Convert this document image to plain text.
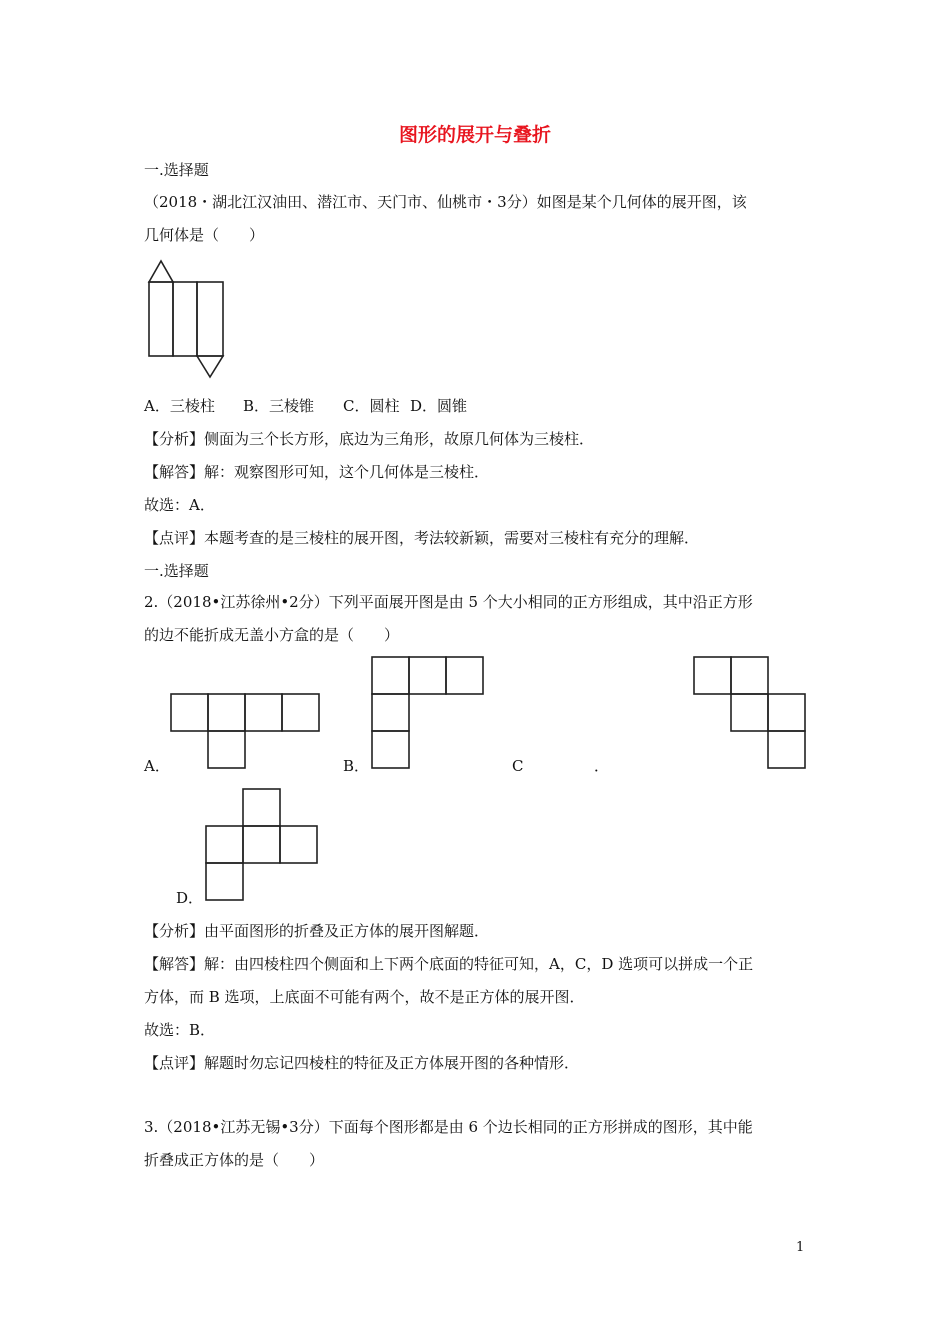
图形的展开与叠折
一.选择题
（2018・湖北江汉油田、潜江市、天门市、仙桃市・3分）如图是某个几何体的展开图，该
几何体是（　　）
A．三棱柱 B．三棱锥 C．圆柱 D．圆锥
【分析】侧面为三个长方形，底边为三角形，故原几何体为三棱柱．
【解答】解：观察图形可知，这个几何体是三棱柱．
故选：A．
【点评】本题考查的是三棱柱的展开图，考法较新颖，需要对三棱柱有充分的理解．
一.选择题
2.（2018•江苏徐州•2分）下列平面展开图是由 5 个大小相同的正方形组成，其中沿正方形
的边不能折成无盖小方盒的是（　　）
A．	B．	C	．
D．
【分析】由平面图形的折叠及正方体的展开图解题．
【解答】解：由四棱柱四个侧面和上下两个底面的特征可知，A，C，D 选项可以拼成一个正
方体，而 B 选项，上底面不可能有两个，故不是正方体的展开图．
故选：B．
【点评】解题时勿忘记四棱柱的特征及正方体展开图的各种情形．
3.（2018•江苏无锡•3分）下面每个图形都是由 6 个边长相同的正方形拼成的图形，其中能
折叠成正方体的是（　　）
1
